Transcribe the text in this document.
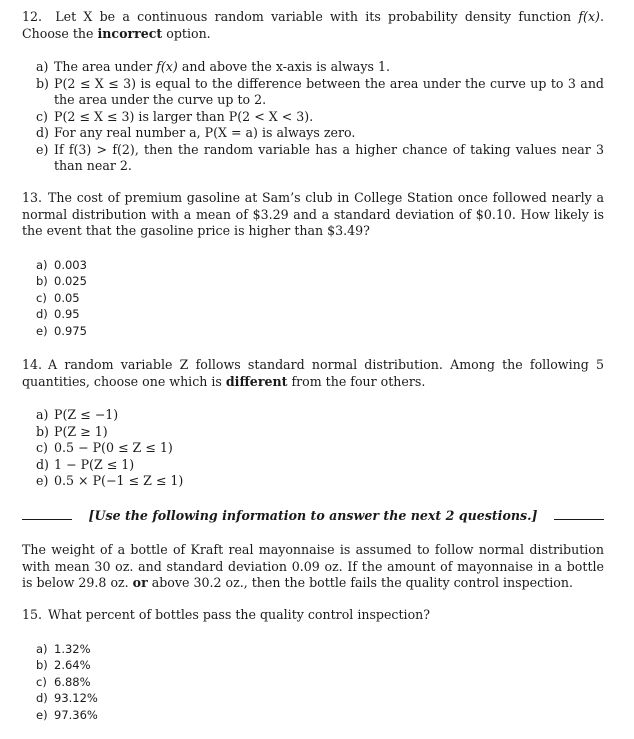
12. Let X be a continuous random variable with its probability density function f(x). Choose the incorrect option.
a) The area under f(x) and above the x-axis is always 1.
b) P(2 ≤ X ≤ 3) is equal to the difference between the area under the curve up to 3 and the area under the curve up to 2.
c) P(2 ≤ X ≤ 3) is larger than P(2 < X < 3).
d) For any real number a, P(X = a) is always zero.
e) If f(3) > f(2), then the random variable has a higher chance of taking values near 3 than near 2.
13. The cost of premium gasoline at Sam’s club in College Station once followed nearly a normal distribution with a mean of $3.29 and a standard deviation of $0.10. How likely is the event that the gasoline price is higher than $3.49?
a) 0.003
b) 0.025
c) 0.05
d) 0.95
e) 0.975
14. A random variable Z follows standard normal distribution. Among the following 5 quantities, choose one which is different from the four others.
a) P(Z ≤ −1)
b) P(Z ≥ 1)
c) 0.5 − P(0 ≤ Z ≤ 1)
d) 1 − P(Z ≤ 1)
e) 0.5 × P(−1 ≤ Z ≤ 1)
[Use the following information to answer the next 2 questions.]
The weight of a bottle of Kraft real mayonnaise is assumed to follow normal distribution with mean 30 oz. and standard deviation 0.09 oz. If the amount of mayonnaise in a bottle is below 29.8 oz. or above 30.2 oz., then the bottle fails the quality control inspection.
15. What percent of bottles pass the quality control inspection?
a) 1.32%
b) 2.64%
c) 6.88%
d) 93.12%
e) 97.36%
